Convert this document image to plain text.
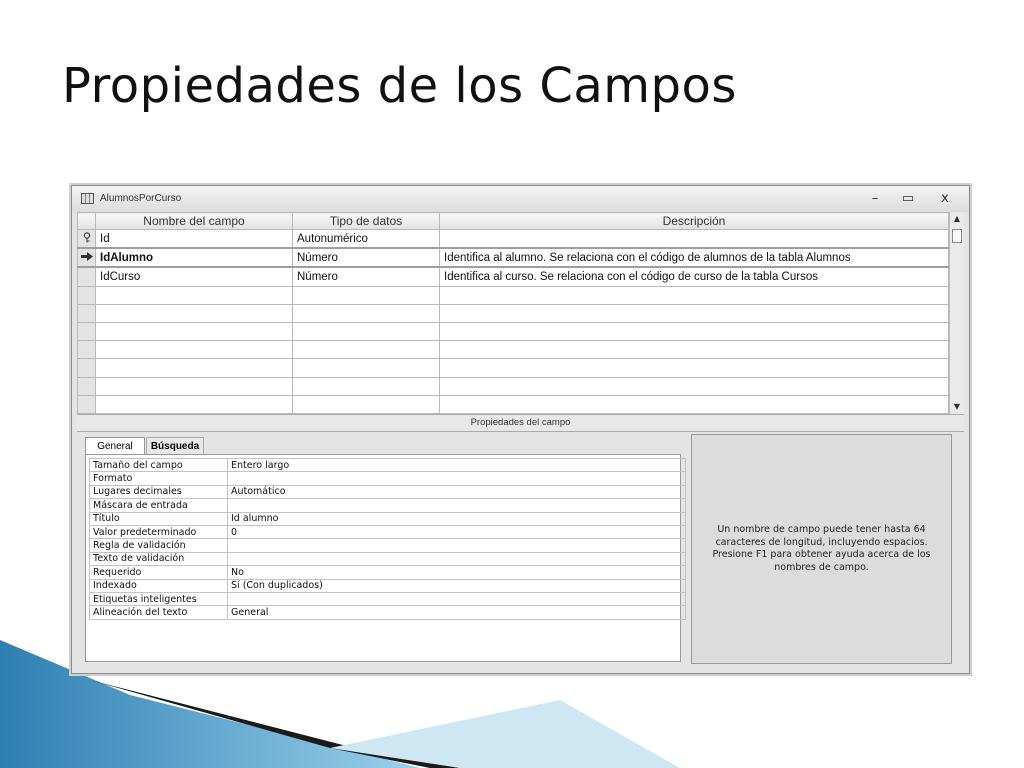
Propiedades de los Campos
AlumnosPorCurso	–	▭	x
	Nombre del campo	Tipo de datos	Descripción
	Id	Autonumérico	
	IdAlumno	Número	Identifica al alumno. Se relaciona con el código de alumnos de la tabla Alumnos
	IdCurso	Número	Identifica al curso. Se relaciona con el código de curso de la tabla Cursos

▲
▼
Propiedades del campo
General	Búsqueda
Tamaño del campo	Entero largo
Formato	
Lugares decimales	Automático
Máscara de entrada	
Título	Id alumno
Valor predeterminado	0
Regla de validación	
Texto de validación	
Requerido	No
Indexado	Sí (Con duplicados)
Etiquetas inteligentes	
Alineación del texto	General
Un nombre de campo puede tener hasta 64 caracteres de longitud, incluyendo espacios. Presione F1 para obtener ayuda acerca de los nombres de campo.
